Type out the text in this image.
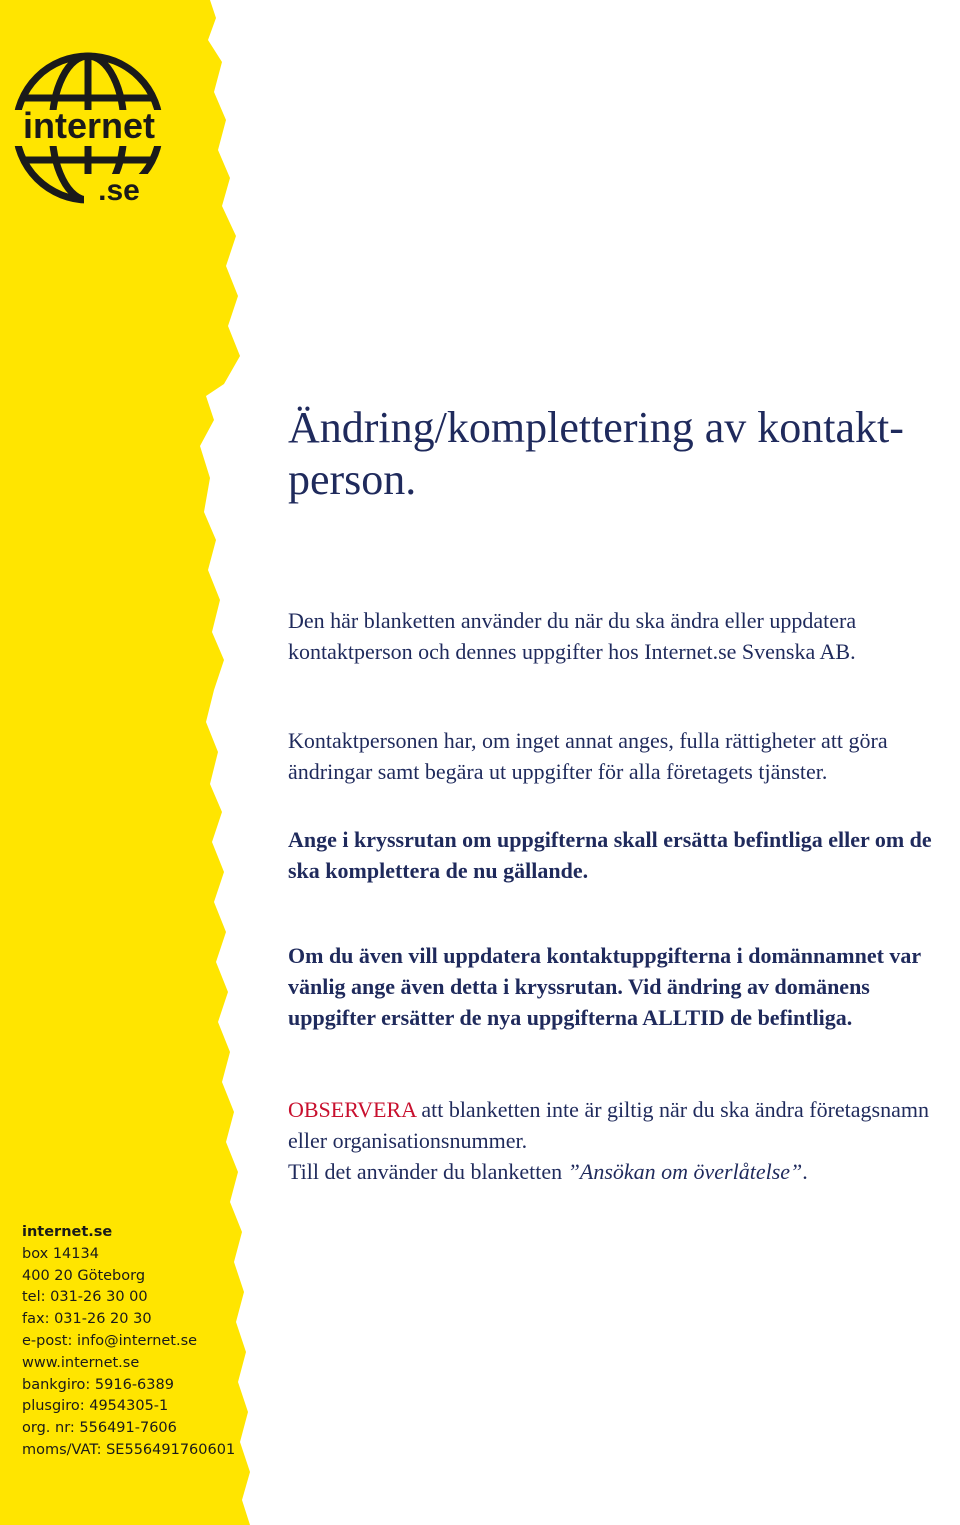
internet
.se
Ändring/komplettering av kontakt-
person.

Den här blanketten använder du när du ska ändra eller uppdatera kontaktperson och dennes uppgifter hos Internet.se Svenska AB.

Kontaktpersonen har, om inget annat anges, fulla rättigheter att göra ändringar samt begära ut uppgifter för alla företagets tjänster.

Ange i kryssrutan om uppgifterna skall ersätta befintliga eller om de ska komplettera de nu gällande.

Om du även vill uppdatera kontaktuppgifterna i domännamnet var vänlig ange även detta i kryssrutan. Vid ändring av domänens uppgifter ersätter de nya uppgifterna ALLTID de befintliga.

OBSERVERA att blanketten inte är giltig när du ska ändra företagsnamn eller organisationsnummer.
Till det använder du blanketten ”Ansökan om överlåtelse”.

internet.se
box 14134
400 20 Göteborg
tel: 031-26 30 00
fax: 031-26 20 30
e-post: info@internet.se
www.internet.se
bankgiro: 5916-6389
plusgiro: 4954305-1
org. nr: 556491-7606
moms/VAT: SE556491760601
